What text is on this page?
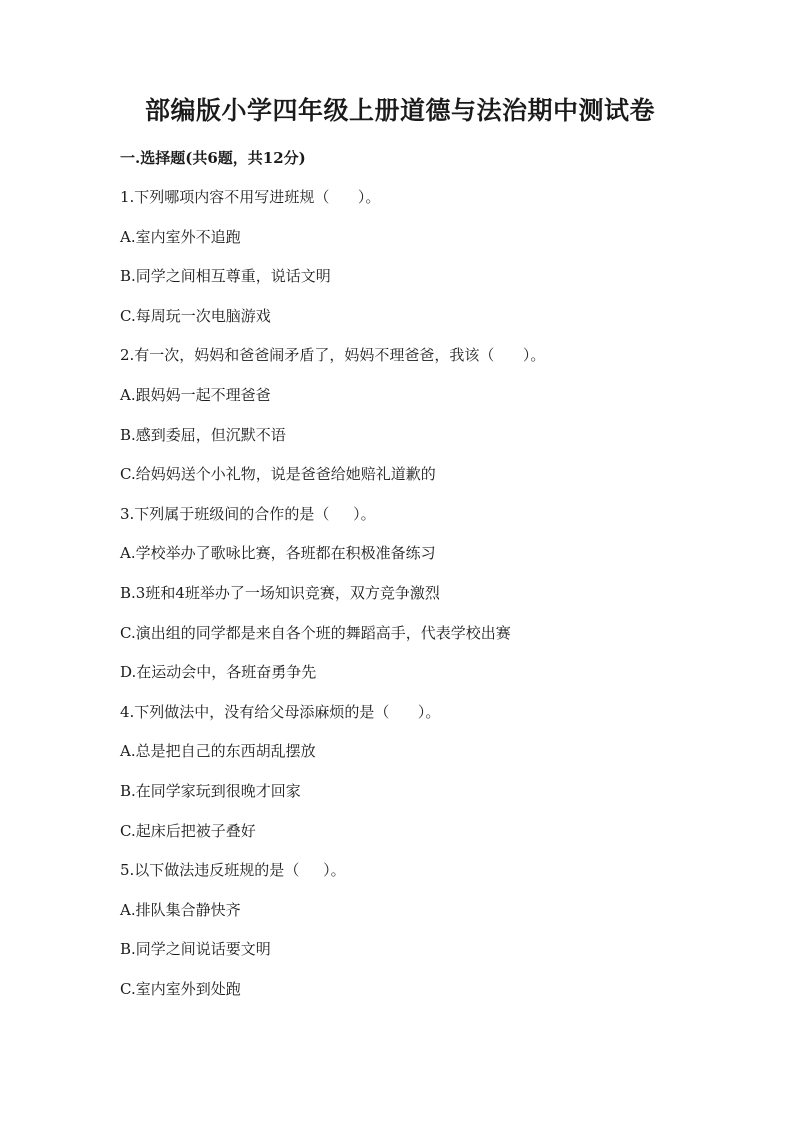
部编版小学四年级上册道德与法治期中测试卷
一.选择题(共6题，共12分)
1.下列哪项内容不用写进班规（      ）。
A.室内室外不追跑
B.同学之间相互尊重，说话文明
C.每周玩一次电脑游戏
2.有一次，妈妈和爸爸闹矛盾了，妈妈不理爸爸，我该（      ）。
A.跟妈妈一起不理爸爸
B.感到委屈，但沉默不语
C.给妈妈送个小礼物，说是爸爸给她赔礼道歉的
3.下列属于班级间的合作的是（     ）。
A.学校举办了歌咏比赛，各班都在积极准备练习
B.3班和4班举办了一场知识竞赛，双方竞争激烈
C.演出组的同学都是来自各个班的舞蹈高手，代表学校出赛
D.在运动会中，各班奋勇争先
4.下列做法中，没有给父母添麻烦的是（      ）。
A.总是把自己的东西胡乱摆放
B.在同学家玩到很晚才回家
C.起床后把被子叠好
5.以下做法违反班规的是（     ）。
A.排队集合静快齐
B.同学之间说话要文明
C.室内室外到处跑
